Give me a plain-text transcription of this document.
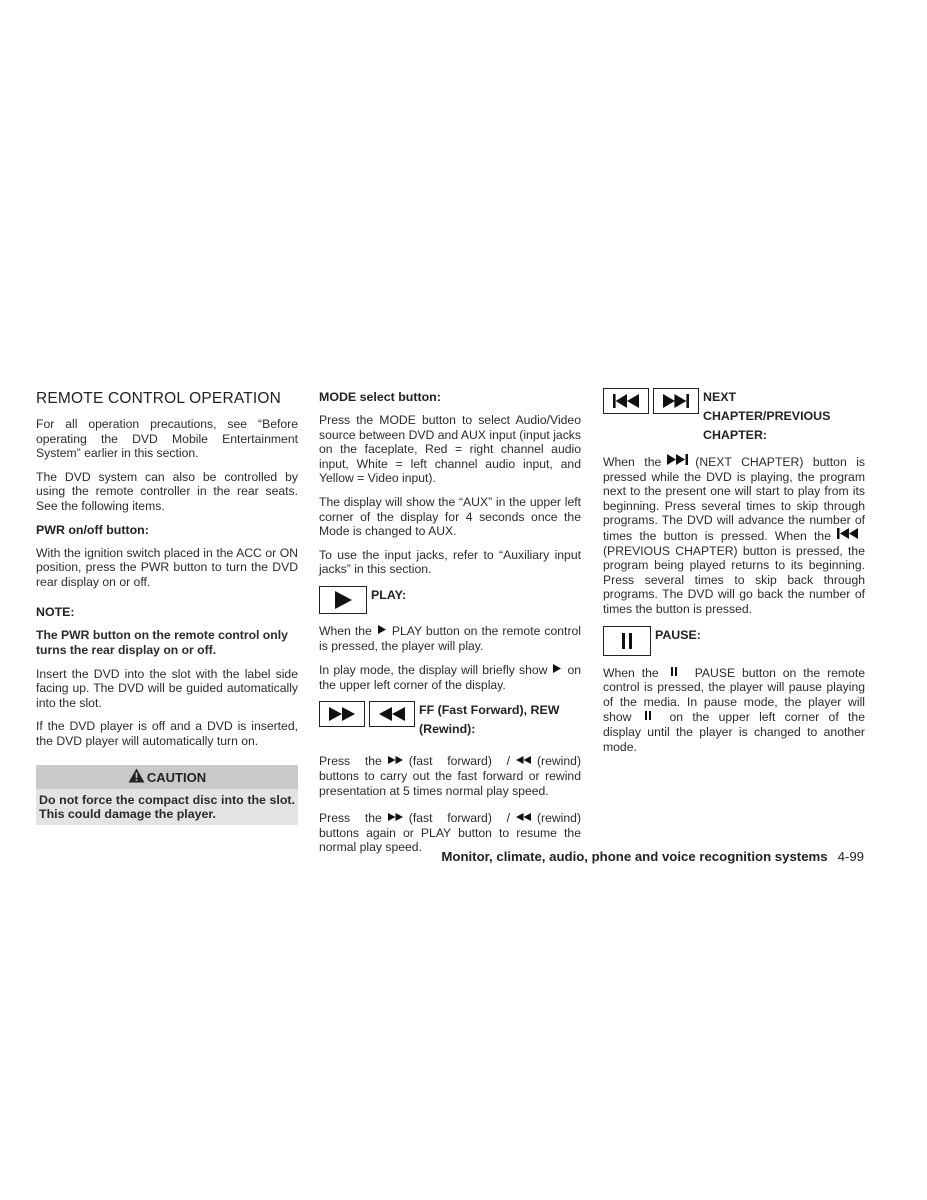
REMOTE CONTROL OPERATION

For all operation precautions, see “Before operating the DVD Mobile Entertainment System” earlier in this section.

The DVD system can also be controlled by using the remote controller in the rear seats. See the following items.

PWR on/off button:

With the ignition switch placed in the ACC or ON position, press the PWR button to turn the DVD rear display on or off.

NOTE:

The PWR button on the remote control only turns the rear display on or off.

Insert the DVD into the slot with the label side facing up. The DVD will be guided automatically into the slot.

If the DVD player is off and a DVD is inserted, the DVD player will automatically turn on.

CAUTION
Do not force the compact disc into the slot. This could damage the player.
MODE select button:

Press the MODE button to select Audio/Video source between DVD and AUX input (input jacks on the faceplate, Red = right channel audio input, White = left channel audio input, and Yellow = Video input).

The display will show the “AUX” in the upper left corner of the display for 4 seconds once the Mode is changed to AUX.

To use the input jacks, refer to “Auxiliary input jacks” in this section.

PLAY:

When the PLAY button on the remote control is pressed, the player will play.

In play mode, the display will briefly show on the upper left corner of the display.

FF (Fast Forward), REW (Rewind):

Press the (fast forward) / (rewind) buttons to carry out the fast forward or rewind presentation at 5 times normal play speed.

Press the (fast forward) / (rewind) buttons again or PLAY button to resume the normal play speed.

NEXT CHAPTER/PREVIOUS CHAPTER:

When the	(NEXT CHAPTER) button is pressed while the DVD is playing, the program next to the present one will start to play from its beginning. Press several times to skip through programs. The DVD will advance the number of times the button is pressed. When the(PREVIOUS CHAPTER) button is pressed, the program being played returns to its beginning. Press several times to skip back through programs. The DVD will go back the number of times the button is pressed.

PAUSE:

When the	PAUSE button on the remote control is pressed, the player will pause playing of the media. In pause mode, the player will show	on the upper left corner of the display until the player is changed to another mode.

Monitor, climate, audio, phone and voice recognition systems 4-99
